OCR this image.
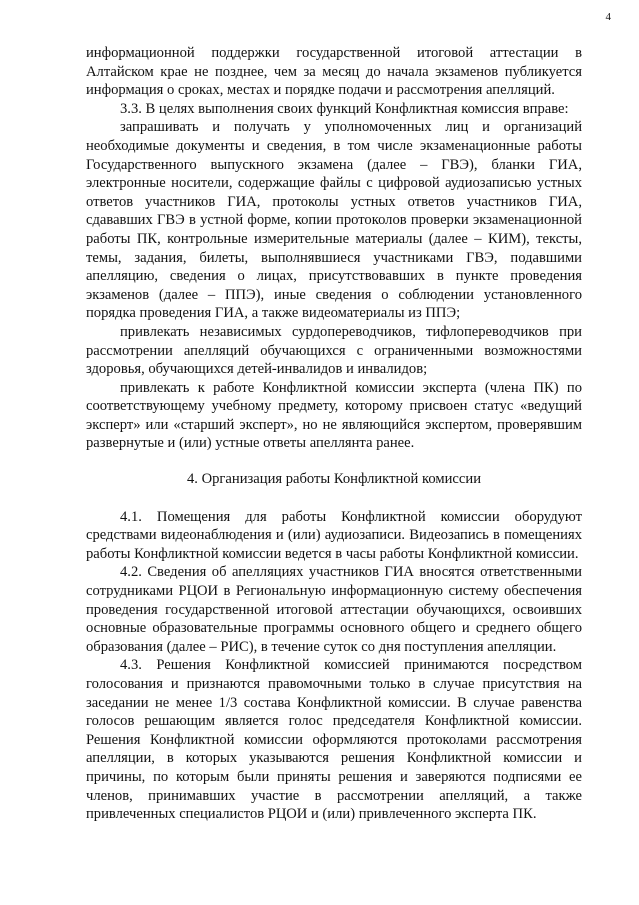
4

информационной поддержки государственной итоговой аттестации в Алтайском крае не позднее, чем за месяц до начала экзаменов публикуется информация о сроках, местах и порядке подачи и рассмотрения апелляций.

3.3. В целях выполнения своих функций Конфликтная комиссия вправе:

запрашивать и получать у уполномоченных лиц и организаций необходимые документы и сведения, в том числе экзаменационные работы Государственного выпускного экзамена (далее – ГВЭ), бланки ГИА, электронные носители, содержащие файлы с цифровой аудиозаписью устных ответов участников ГИА, протоколы устных ответов участников ГИА, сдававших ГВЭ в устной форме, копии протоколов проверки экзаменационной работы ПК, контрольные измерительные материалы (далее – КИМ), тексты, темы, задания, билеты, выполнявшиеся участниками ГВЭ, подавшими апелляцию, сведения о лицах, присутствовавших в пункте проведения экзаменов (далее – ППЭ), иные сведения о соблюдении установленного порядка проведения ГИА, а также видеоматериалы из ППЭ;

привлекать независимых сурдопереводчиков, тифлопереводчиков при рассмотрении апелляций обучающихся с ограниченными возможностями здоровья, обучающихся детей-инвалидов и инвалидов;

привлекать к работе Конфликтной комиссии эксперта (члена ПК) по соответствующему учебному предмету, которому присвоен статус «ведущий эксперт» или «старший эксперт», но не являющийся экспертом, проверявшим развернутые и (или) устные ответы апеллянта ранее.

4. Организация работы Конфликтной комиссии

4.1. Помещения для работы Конфликтной комиссии оборудуют средствами видеонаблюдения и (или) аудиозаписи. Видеозапись в помещениях работы Конфликтной комиссии ведется в часы работы Конфликтной комиссии.

4.2. Сведения об апелляциях участников ГИА вносятся ответственными сотрудниками РЦОИ в Региональную информационную систему обеспечения проведения государственной итоговой аттестации обучающихся, освоивших основные образовательные программы основного общего и среднего общего образования (далее – РИС), в течение суток со дня поступления апелляции.

4.3. Решения Конфликтной комиссией принимаются посредством голосования и признаются правомочными только в случае присутствия на заседании не менее 1/3 состава Конфликтной комиссии. В случае равенства голосов решающим является голос председателя Конфликтной комиссии. Решения Конфликтной комиссии оформляются протоколами рассмотрения апелляции, в которых указываются решения Конфликтной комиссии и причины, по которым были приняты решения и заверяются подписями ее членов, принимавших участие в рассмотрении апелляций, а также привлеченных специалистов РЦОИ и (или) привлеченного эксперта ПК.
